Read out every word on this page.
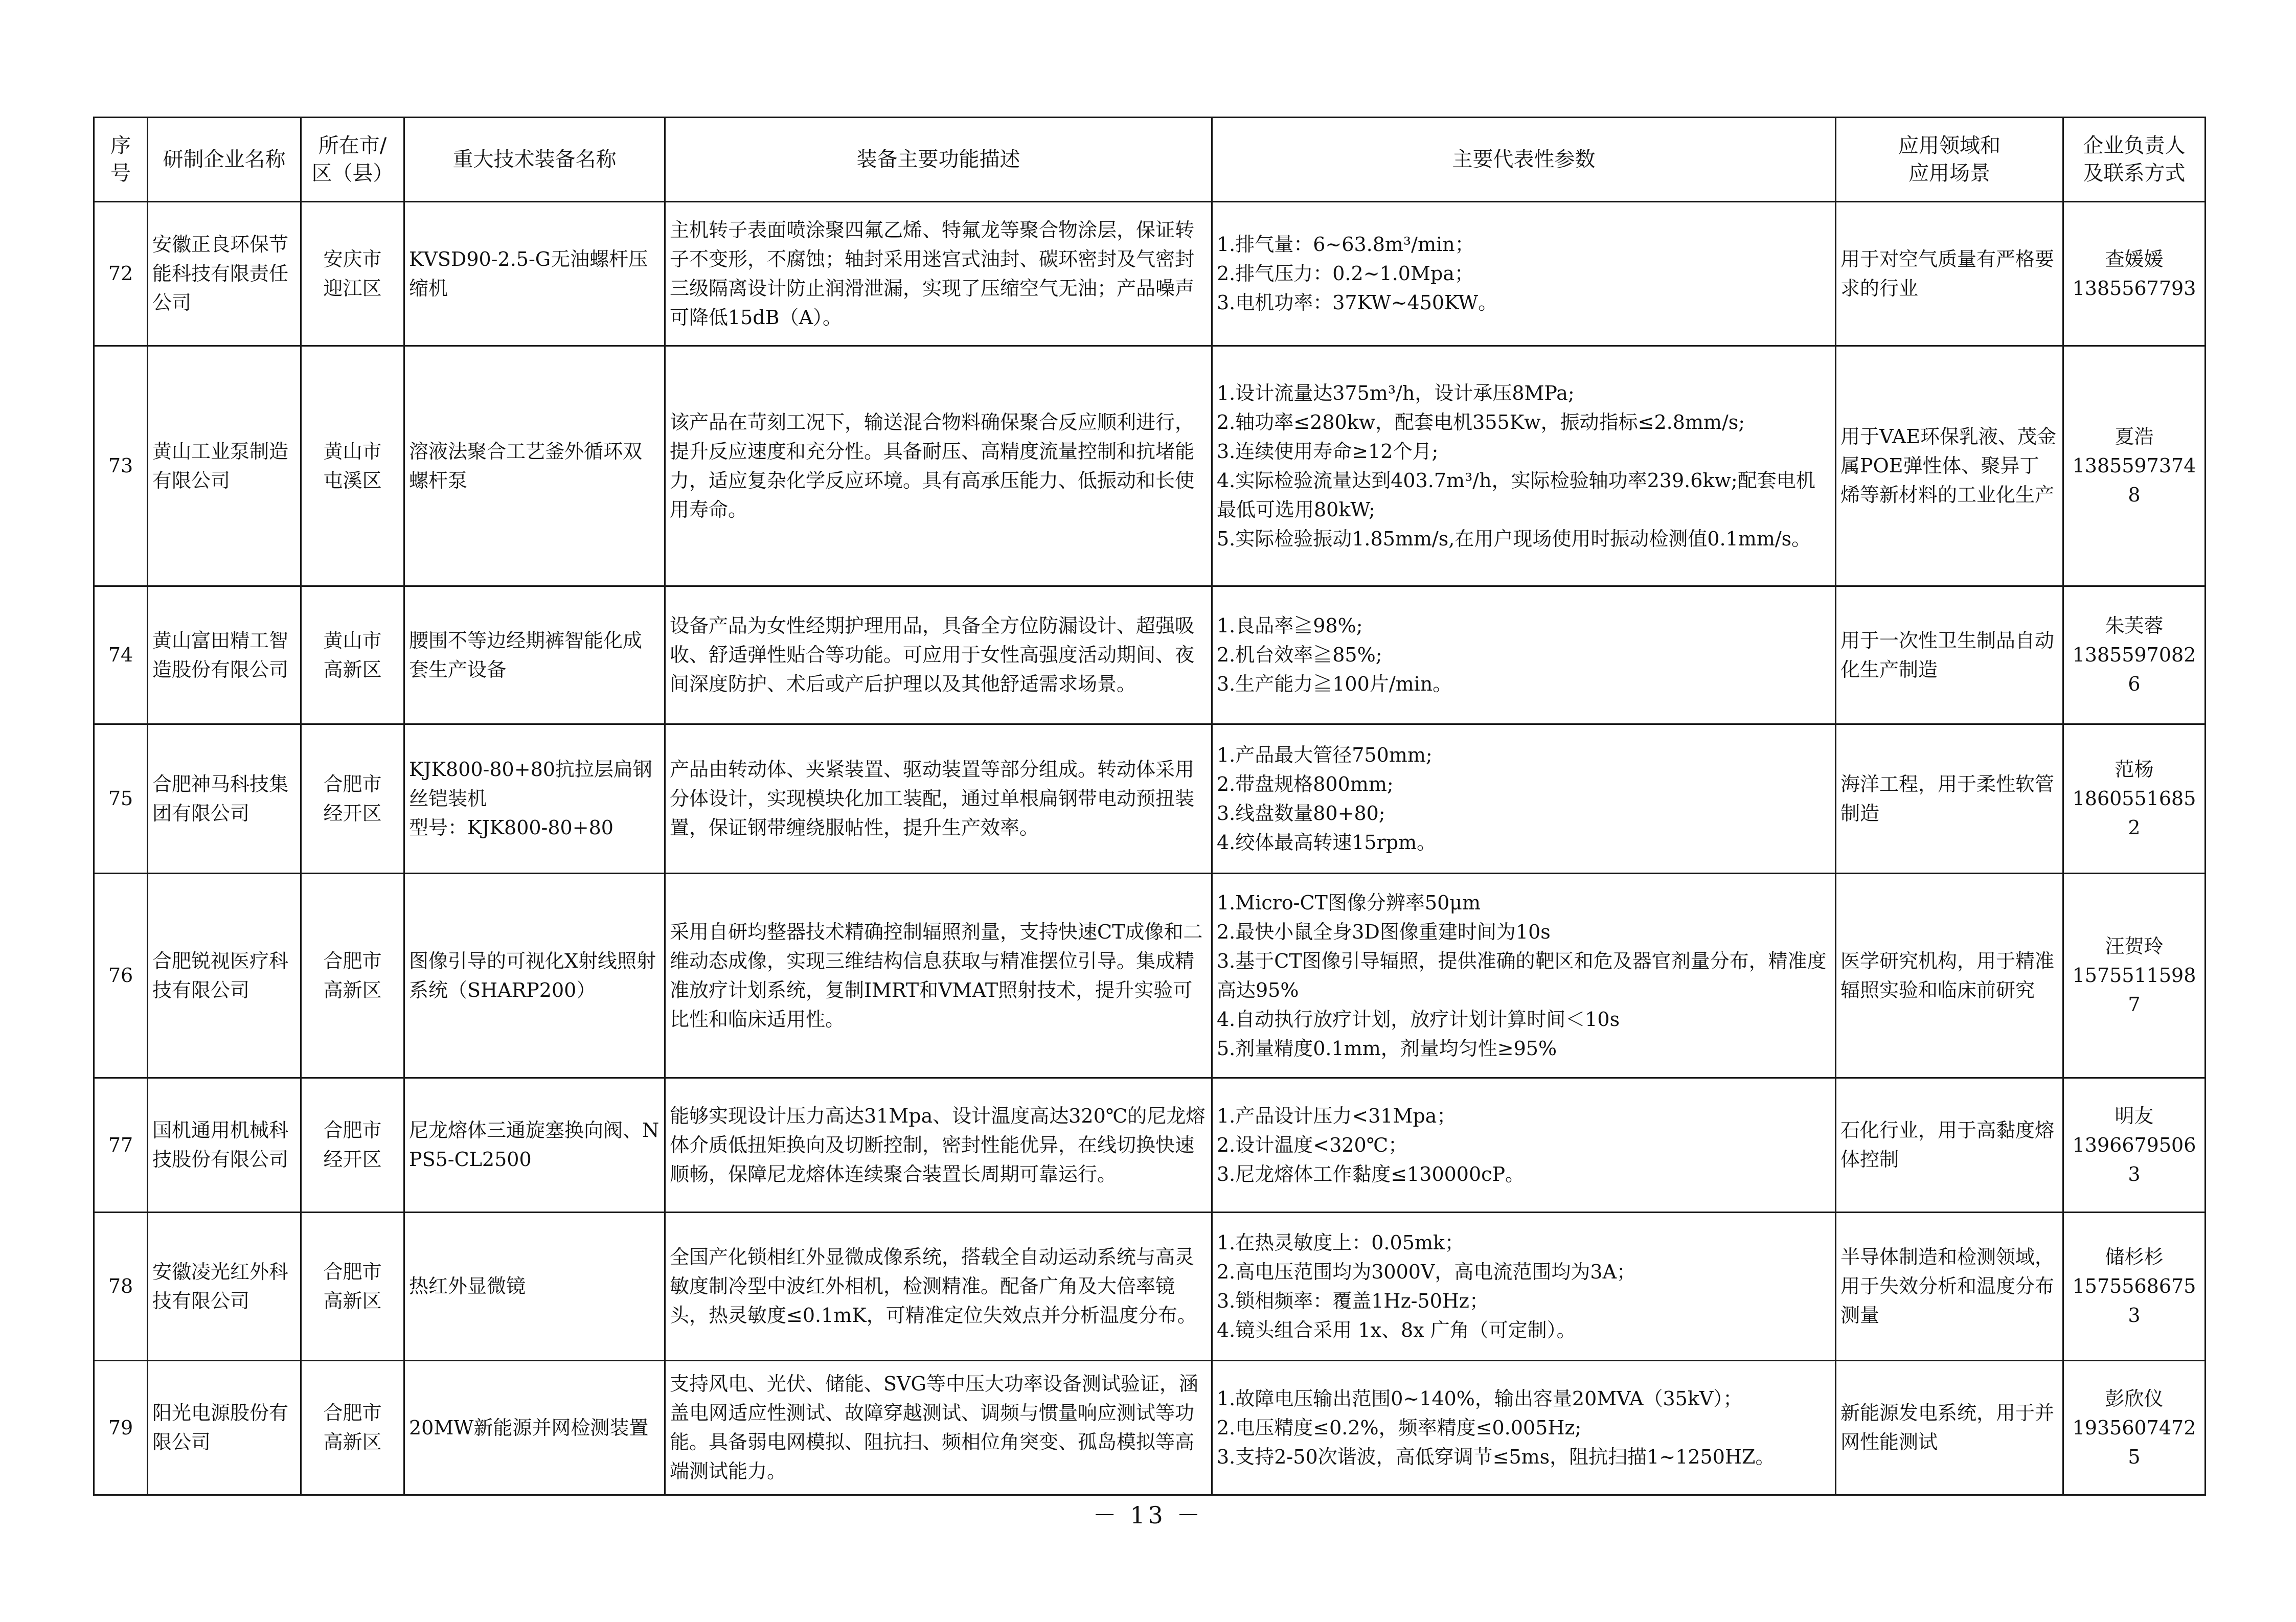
序
号	研制企业名称	所在市/
区（县）	重大技术装备名称	装备主要功能描述	主要代表性参数	应用领域和
应用场景	企业负责人
及联系方式

72	安徽正良环保节能科技有限责任公司	安庆市
迎江区	KVSD90-2.5-G无油螺杆压缩机	主机转子表面喷涂聚四氟乙烯、特氟龙等聚合物涂层，保证转子不变形，不腐蚀；轴封采用迷宫式油封、碳环密封及气密封三级隔离设计防止润滑泄漏，实现了压缩空气无油；产品噪声可降低15dB（A）。	1.排气量：6~63.8m³/min；
2.排气压力：0.2~1.0Mpa；
3.电机功率：37KW~450KW。	用于对空气质量有严格要求的行业	查媛媛
1385567793

73	黄山工业泵制造有限公司	黄山市
屯溪区	溶液法聚合工艺釜外循环双螺杆泵	该产品在苛刻工况下，输送混合物料确保聚合反应顺利进行，提升反应速度和充分性。具备耐压、高精度流量控制和抗堵能力，适应复杂化学反应环境。具有高承压能力、低振动和长使用寿命。	1.设计流量达375m³/h，设计承压8MPa;
2.轴功率≤280kw，配套电机355Kw，振动指标≤2.8mm/s;
3.连续使用寿命≥12个月;
4.实际检验流量达到403.7m³/h，实际检验轴功率239.6kw;配套电机最低可选用80kW;
5.实际检验振动1.85mm/s,在用户现场使用时振动检测值0.1mm/s。	用于VAE环保乳液、茂金属POE弹性体、聚异丁烯等新材料的工业化生产	夏浩
13855973748

74	黄山富田精工智造股份有限公司	黄山市
高新区	腰围不等边经期裤智能化成套生产设备	设备产品为女性经期护理用品，具备全方位防漏设计、超强吸收、舒适弹性贴合等功能。可应用于女性高强度活动期间、夜间深度防护、术后或产后护理以及其他舒适需求场景。	1.良品率≧98%;
2.机台效率≧85%;
3.生产能力≧100片/min。	用于一次性卫生制品自动化生产制造	朱芙蓉
13855970826

75	合肥神马科技集团有限公司	合肥市
经开区	KJK800-80+80抗拉层扁钢丝铠装机
型号：KJK800-80+80	产品由转动体、夹紧装置、驱动装置等部分组成。转动体采用分体设计，实现模块化加工装配，通过单根扁钢带电动预扭装置，保证钢带缠绕服帖性，提升生产效率。	1.产品最大管径750mm;
2.带盘规格800mm;
3.线盘数量80+80;
4.绞体最高转速15rpm。	海洋工程，用于柔性软管制造	范杨
18605516852

76	合肥锐视医疗科技有限公司	合肥市
高新区	图像引导的可视化X射线照射系统（SHARP200）	采用自研均整器技术精确控制辐照剂量，支持快速CT成像和二维动态成像，实现三维结构信息获取与精准摆位引导。集成精准放疗计划系统，复制IMRT和VMAT照射技术，提升实验可比性和临床适用性。	1.Micro-CT图像分辨率50μm
2.最快小鼠全身3D图像重建时间为10s
3.基于CT图像引导辐照，提供准确的靶区和危及器官剂量分布，精准度高达95%
4.自动执行放疗计划，放疗计划计算时间＜10s
5.剂量精度0.1mm，剂量均匀性≥95%	医学研究机构，用于精准辐照实验和临床前研究	汪贺玲
15755115987

77	国机通用机械科技股份有限公司	合肥市
经开区	尼龙熔体三通旋塞换向阀、NPS5-CL2500	能够实现设计压力高达31Mpa、设计温度高达320℃的尼龙熔体介质低扭矩换向及切断控制，密封性能优异，在线切换快速顺畅，保障尼龙熔体连续聚合装置长周期可靠运行。	1.产品设计压力<31Mpa；
2.设计温度<320℃；
3.尼龙熔体工作黏度≤130000cP。	石化行业，用于高黏度熔体控制	明友
13966795063

78	安徽凌光红外科技有限公司	合肥市
高新区	热红外显微镜	全国产化锁相红外显微成像系统，搭载全自动运动系统与高灵敏度制冷型中波红外相机，检测精准。配备广角及大倍率镜头，热灵敏度≤0.1mK，可精准定位失效点并分析温度分布。	1.在热灵敏度上：0.05mk；
2.高电压范围均为3000V，高电流范围均为3A；
3.锁相频率：覆盖1Hz-50Hz；
4.镜头组合采用 1x、8x 广角（可定制）。	半导体制造和检测领域，用于失效分析和温度分布测量	储杉杉
15755686753

79	阳光电源股份有限公司	合肥市
高新区	20MW新能源并网检测装置	支持风电、光伏、储能、SVG等中压大功率设备测试验证，涵盖电网适应性测试、故障穿越测试、调频与惯量响应测试等功能。具备弱电网模拟、阻抗扫、频相位角突变、孤岛模拟等高端测试能力。	1.故障电压输出范围0~140%，输出容量20MVA（35kV）；
2.电压精度≤0.2%，频率精度≤0.005Hz;
3.支持2-50次谐波，高低穿调节≤5ms，阻抗扫描1~1250HZ。	新能源发电系统，用于并网性能测试	彭欣仪
19356074725
－ 13 －
